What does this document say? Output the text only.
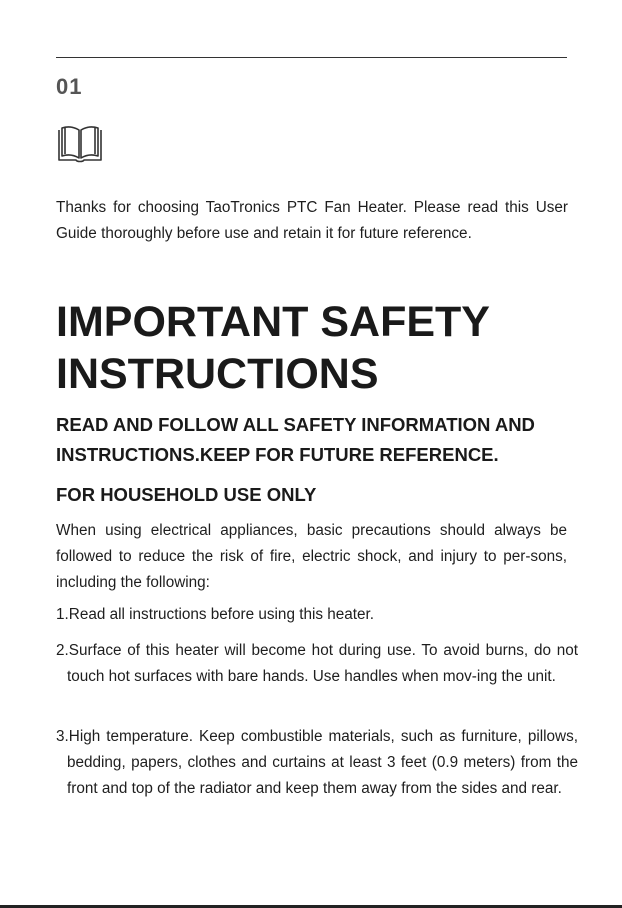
01

Thanks for choosing TaoTronics PTC Fan Heater. Please read this User Guide thoroughly before use and retain it for future reference.

IMPORTANT SAFETY
INSTRUCTIONS
READ AND FOLLOW ALL SAFETY INFORMATION AND
INSTRUCTIONS.KEEP FOR FUTURE REFERENCE.
FOR HOUSEHOLD USE ONLY

When using electrical appliances, basic precautions should always be followed to reduce the risk of fire, electric shock, and injury to per-sons, including the following:

1.Read all instructions before using this heater.

2.Surface of this heater will become hot during use. To avoid burns, do not touch hot surfaces with bare hands. Use handles when mov-ing the unit.

3.High temperature. Keep combustible materials, such as furniture, pillows, bedding, papers, clothes and curtains at least 3 feet (0.9 meters) from the front and top of the radiator and keep them away from the sides and rear.
